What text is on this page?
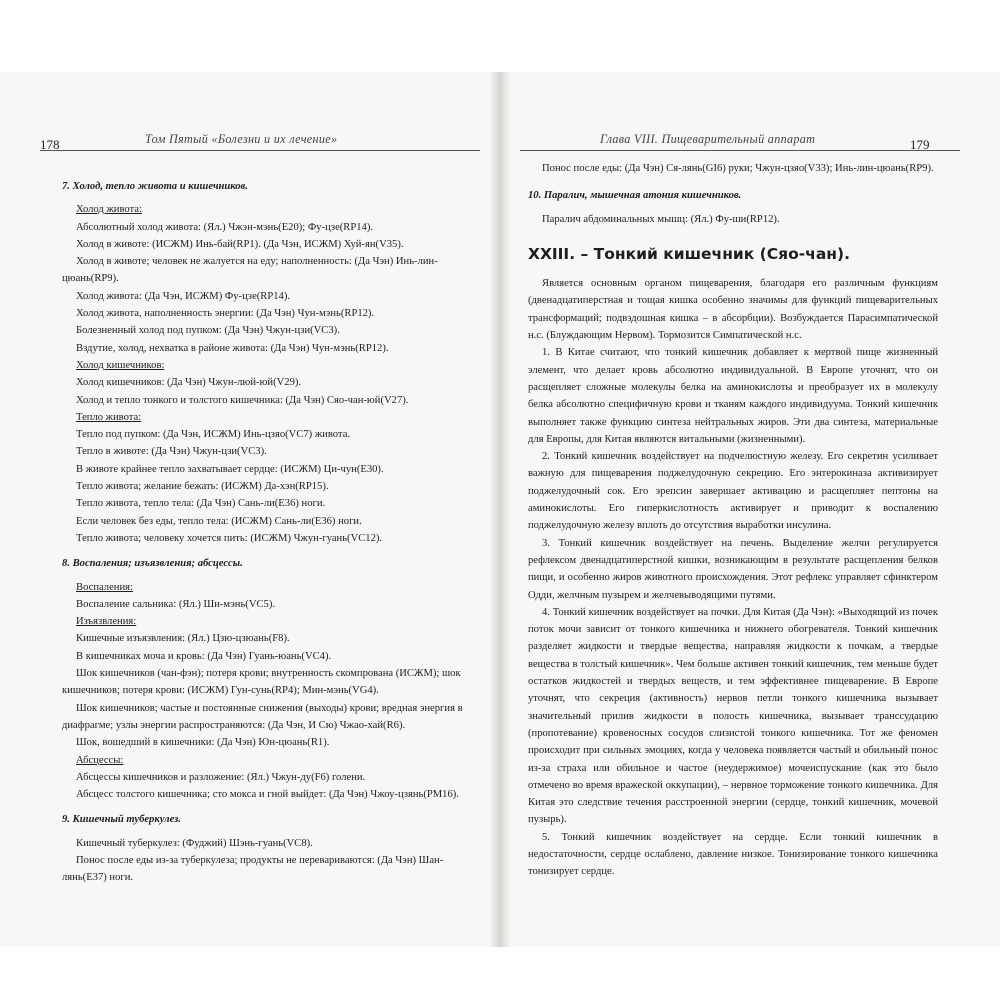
178	Том Пятый «Болезни и их лечение»

7. Холод, тепло живота и кишечников.

Холод живота:

Абсолютный холод живота: (Ял.) Чжэн-мэнь(E20); Фу-цзе(RP14).

Холод в животе: (ИСЖМ) Инь-бай(RP1). (Да Чэн, ИСЖМ) Хуй-ян(V35).

Холод в животе; человек не жалуется на еду; наполненность: (Да Чэн) Инь-лин-цюань(RP9).

Холод живота: (Да Чэн, ИСЖМ) Фу-цзе(RP14).

Холод живота, наполненность энергии: (Да Чэн) Чун-мэнь(RP12).

Болезненный холод под пупком: (Да Чэн) Чжун-цзи(VC3).

Вздутие, холод, нехватка в районе живота: (Да Чэн) Чун-мэнь(RP12).

Холод кишечников:

Холод кишечников: (Да Чэн) Чжун-люй-юй(V29).

Холод и тепло тонкого и толстого кишечника: (Да Чэн) Сяо-чан-юй(V27).

Тепло живота:

Тепло под пупком: (Да Чэн, ИСЖМ) Инь-цзяо(VC7) живота.

Тепло в животе: (Да Чэн) Чжун-цзи(VC3).

В животе крайнее тепло захватывает сердце: (ИСЖМ) Ци-чун(E30).

Тепло живота; желание бежать: (ИСЖМ) Да-хэн(RP15).

Тепло живота, тепло тела: (Да Чэн) Сань-ли(E36) ноги.

Если человек без еды, тепло тела: (ИСЖМ) Сань-ли(E36) ноги.

Тепло живота; человеку хочется пить: (ИСЖМ) Чжун-гуань(VC12).

8. Воспаления; изъязвления; абсцессы.

Воспаления:

Воспаление сальника: (Ял.) Ши-мэнь(VC5).

Изъязвления:

Кишечные изъязвления: (Ял.) Цзю-цзюань(F8).

В кишечниках моча и кровь: (Да Чэн) Гуань-юань(VC4).

Шок кишечников (чан-фэн); потеря крови; внутренность скомпрована (ИСЖМ); шок кишечников; потеря крови: (ИСЖМ) Гун-сунь(RP4); Мин-мэнь(VG4).

Шок кишечников; частые и постоянные снижения (выходы) крови; вредная энергия в диафрагме; узлы энергии распространяются: (Да Чэн, И Сю) Чжао-хай(R6).

Шок, вошедший в кишечники: (Да Чэн) Юн-цюань(R1).

Абсцессы:

Абсцессы кишечников и разложение: (Ял.) Чжун-ду(F6) голени.

Абсцесс толстого кишечника; сто мокса и гной выйдет: (Да Чэн) Чжоу-цзянь(PM16).

9. Кишечный туберкулез.

Кишечный туберкулез: (Фуджий) Шэнь-гуань(VC8).

Понос после еды из-за туберкулеза; продукты не перевариваются: (Да Чэн) Шан-лянь(E37) ноги.

Глава VIII. Пищеварительный аппарат	179

Понос после еды: (Да Чэн) Ся-лянь(GI6) руки; Чжун-цзяо(V33); Инь-лин-цюань(RP9).

10. Паралич, мышечная атония кишечников.

Паралич абдоминальных мышц: (Ял.) Фу-ши(RP12).

XXIII. – Тонкий кишечник (Сяо-чан).

Является основным органом пищеварения, благодаря его различным функциям (двенадцатиперстная и тощая кишка особенно значимы для функций пищеварительных трансформаций; подвздошная кишка – в абсорбции). Возбуждается Парасимпатической н.с. (Блуждающим Нервом). Тормозится Симпатической н.с.

1. В Китае считают, что тонкий кишечник добавляет к мертвой пище жизненный элемент, что делает кровь абсолютно индивидуальной. В Европе уточнят, что он расщепляет сложные молекулы белка на аминокислоты и преобразует их в молекулу белка абсолютно специфичную крови и тканям каждого индивидуума. Тонкий кишечник выполняет также функцию синтеза нейтральных жиров. Эти два синтеза, материальные для Европы, для Китая являются витальными (жизненными).

2. Тонкий кишечник воздействует на подчелюстную железу. Его секретин усиливает важную для пищеварения поджелудочную секрецию. Его энтерокиназа активизирует поджелудочный сок. Его эрепсин завершает активацию и расщепляет пептоны на аминокислоты. Его гиперкислотность активирует и приводит к воспалению поджелудочную железу вплоть до отсутствия выработки инсулина.

3. Тонкий кишечник воздействует на печень. Выделение желчи регулируется рефлексом двенадцатиперстной кишки, возникающим в результате расщепления белков пищи, и особенно жиров животного происхождения. Этот рефлекс управляет сфинктером Одди, желчным пузырем и желчевыводящими путями.

4. Тонкий кишечник воздействует на почки. Для Китая (Да Чэн): «Выходящий из почек поток мочи зависит от тонкого кишечника и нижнего обогревателя. Тонкий кишечник разделяет жидкости и твердые вещества, направляя жидкости к почкам, а твердые вещества в толстый кишечник». Чем больше активен тонкий кишечник, тем меньше будет остатков жидкостей и твердых веществ, и тем эффективнее пищеварение. В Европе уточнят, что секреция (активность) нервов петли тонкого кишечника вызывает значительный прилив жидкости в полость кишечника, вызывает транссудацию (пропотевание) кровеносных сосудов слизистой тонкого кишечника. Тот же феномен происходит при сильных эмоциях, когда у человека появляется частый и обильный понос из-за страха или обильное и частое (неудержимое) мочеиспускание (как это было отмечено во время вражеской оккупации), – нервное торможение тонкого кишечника. Для Китая это следствие течения расстроенной энергии (сердце, тонкий кишечник, мочевой пузырь).

5. Тонкий кишечник воздействует на сердце. Если тонкий кишечник в недостаточности, сердце ослаблено, давление низкое. Тонизирование тонкого кишечника тонизирует сердце.
